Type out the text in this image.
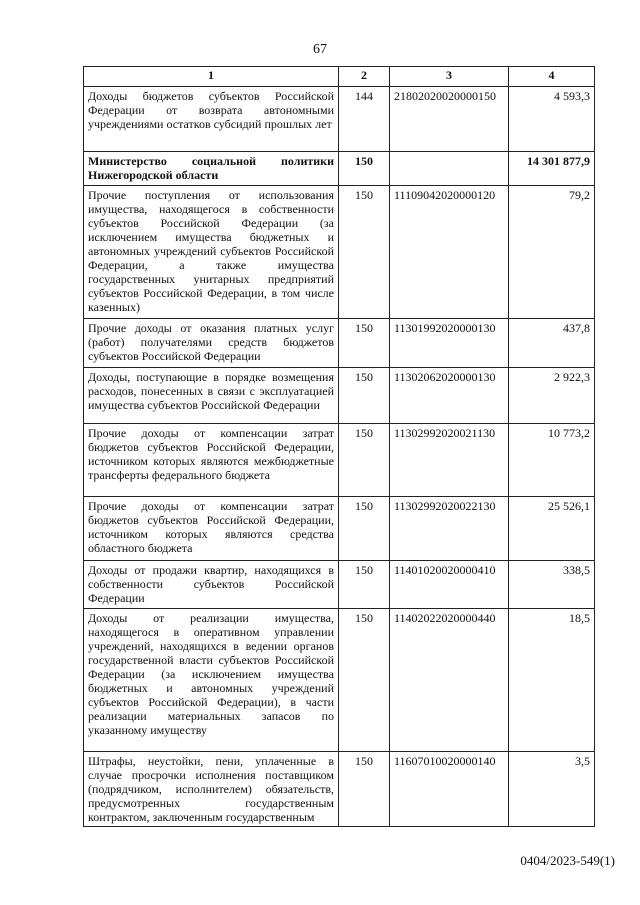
67
1	2	3	4
Доходы бюджетов субъектов Российской Федерации от возврата автономными учреждениями остатков субсидий прошлых лет	144	21802020020000150	4 593,3
Министерство социальной политики Нижегородской области	150		14 301 877,9
Прочие поступления от использования имущества, находящегося в собственности субъектов Российской Федерации (за исключением имущества бюджетных и автономных учреждений субъектов Российской Федерации, а также имущества государственных унитарных предприятий субъектов Российской Федерации, в том числе казенных)	150	11109042020000120	79,2
Прочие доходы от оказания платных услуг (работ) получателями средств бюджетов субъектов Российской Федерации	150	11301992020000130	437,8
Доходы, поступающие в порядке возмещения расходов, понесенных в связи с эксплуатацией имущества субъектов Российской Федерации	150	11302062020000130	2 922,3
Прочие доходы от компенсации затрат бюджетов субъектов Российской Федерации, источником которых являются межбюджетные трансферты федерального бюджета	150	11302992020021130	10 773,2
Прочие доходы от компенсации затрат бюджетов субъектов Российской Федерации, источником которых являются средства областного бюджета	150	11302992020022130	25 526,1
Доходы от продажи квартир, находящихся в собственности субъектов Российской Федерации	150	11401020020000410	338,5
Доходы от реализации имущества, находящегося в оперативном управлении учреждений, находящихся в ведении органов государственной власти субъектов Российской Федерации (за исключением имущества бюджетных и автономных учреждений субъектов Российской Федерации), в части реализации материальных запасов по указанному имуществу	150	11402022020000440	18,5
Штрафы, неустойки, пени, уплаченные в случае просрочки исполнения поставщиком (подрядчиком, исполнителем) обязательств, предусмотренных государственным контрактом, заключенным государственным	150	11607010020000140	3,5
0404/2023-549(1)
